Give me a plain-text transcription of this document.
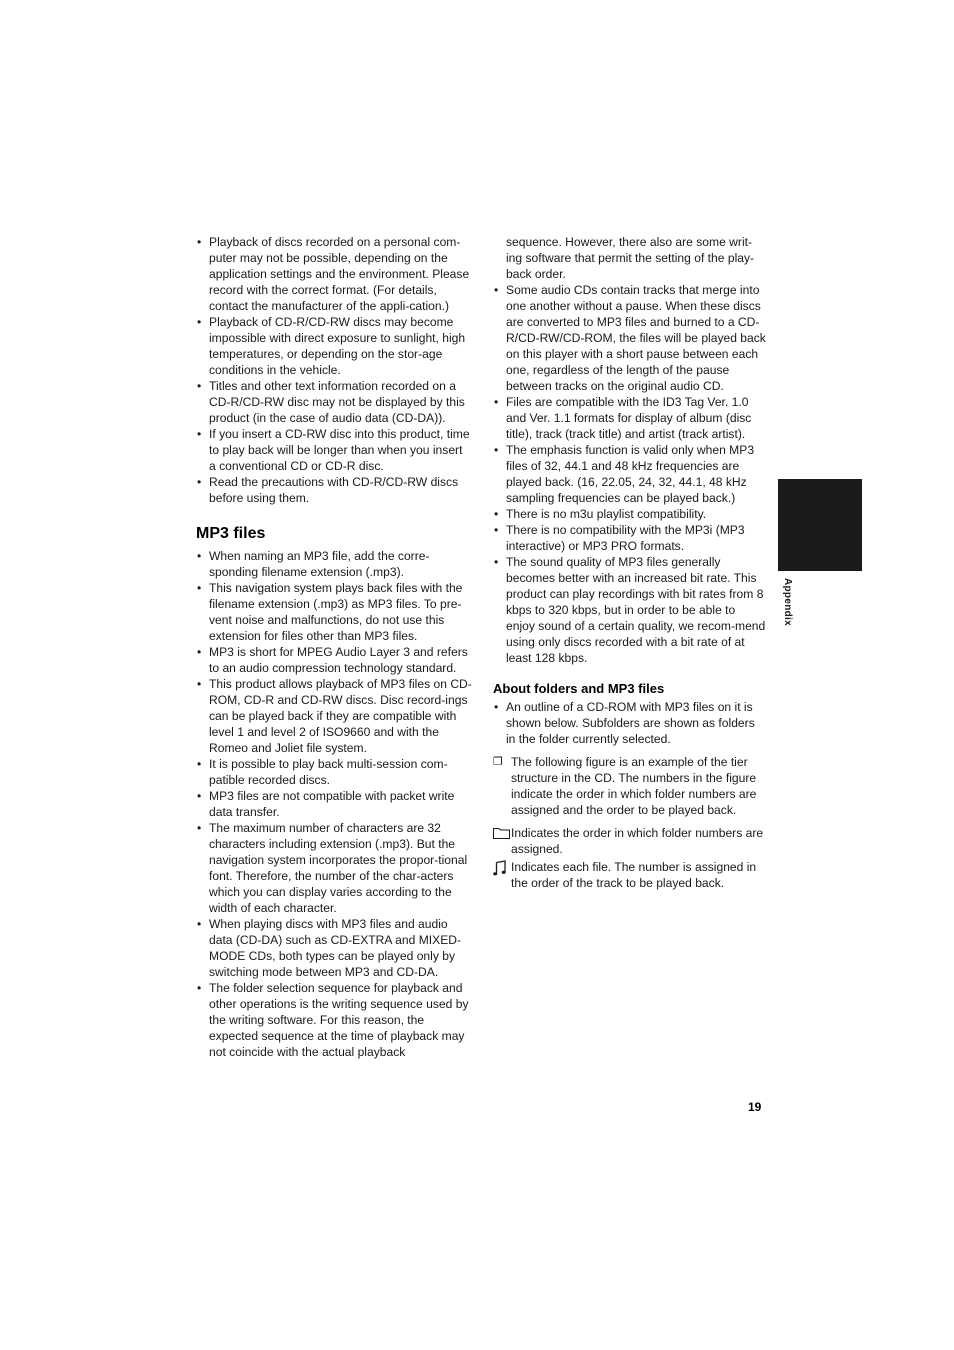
• Playback of discs recorded on a personal com-puter may not be possible, depending on the application settings and the environment. Please record with the correct format. (For details, contact the manufacturer of the appli-cation.)
• Playback of CD-R/CD-RW discs may become impossible with direct exposure to sunlight, high temperatures, or depending on the stor-age conditions in the vehicle.
• Titles and other text information recorded on a CD-R/CD-RW disc may not be displayed by this product (in the case of audio data (CD-DA)).
• If you insert a CD-RW disc into this product, time to play back will be longer than when you insert a conventional CD or CD-R disc.
• Read the precautions with CD-R/CD-RW discs before using them.
MP3 files
• When naming an MP3 file, add the corre-sponding filename extension (.mp3).
• This navigation system plays back files with the filename extension (.mp3) as MP3 files. To pre-vent noise and malfunctions, do not use this extension for files other than MP3 files.
• MP3 is short for MPEG Audio Layer 3 and refers to an audio compression technology standard.
• This product allows playback of MP3 files on CD-ROM, CD-R and CD-RW discs. Disc record-ings can be played back if they are compatible with level 1 and level 2 of ISO9660 and with the Romeo and Joliet file system.
• It is possible to play back multi-session com-patible recorded discs.
• MP3 files are not compatible with packet write data transfer.
• The maximum number of characters are 32 characters including extension (.mp3). But the navigation system incorporates the propor-tional font. Therefore, the number of the char-acters which you can display varies according to the width of each character.
• When playing discs with MP3 files and audio data (CD-DA) such as CD-EXTRA and MIXED-MODE CDs, both types can be played only by switching mode between MP3 and CD-DA.
• The folder selection sequence for playback and other operations is the writing sequence used by the writing software. For this reason, the expected sequence at the time of playback may not coincide with the actual playback
sequence. However, there also are some writ-ing software that permit the setting of the play-back order.
• Some audio CDs contain tracks that merge into one another without a pause. When these discs are converted to MP3 files and burned to a CD-R/CD-RW/CD-ROM, the files will be played back on this player with a short pause between each one, regardless of the length of the pause between tracks on the original audio CD.
• Files are compatible with the ID3 Tag Ver. 1.0 and Ver. 1.1 formats for display of album (disc title), track (track title) and artist (track artist).
• The emphasis function is valid only when MP3 files of 32, 44.1 and 48 kHz frequencies are played back. (16, 22.05, 24, 32, 44.1, 48 kHz sampling frequencies can be played back.)
• There is no m3u playlist compatibility.
• There is no compatibility with the MP3i (MP3 interactive) or MP3 PRO formats.
• The sound quality of MP3 files generally becomes better with an increased bit rate. This product can play recordings with bit rates from 8 kbps to 320 kbps, but in order to be able to enjoy sound of a certain quality, we recom-mend using only discs recorded with a bit rate of at least 128 kbps.
About folders and MP3 files
• An outline of a CD-ROM with MP3 files on it is shown below. Subfolders are shown as folders in the folder currently selected.
❐ The following figure is an example of the tier structure in the CD. The numbers in the figure indicate the order in which folder numbers are assigned and the order to be played back.
Indicates the order in which folder numbers are assigned.
Indicates each file. The number is assigned in the order of the track to be played back.
Appendix
19
